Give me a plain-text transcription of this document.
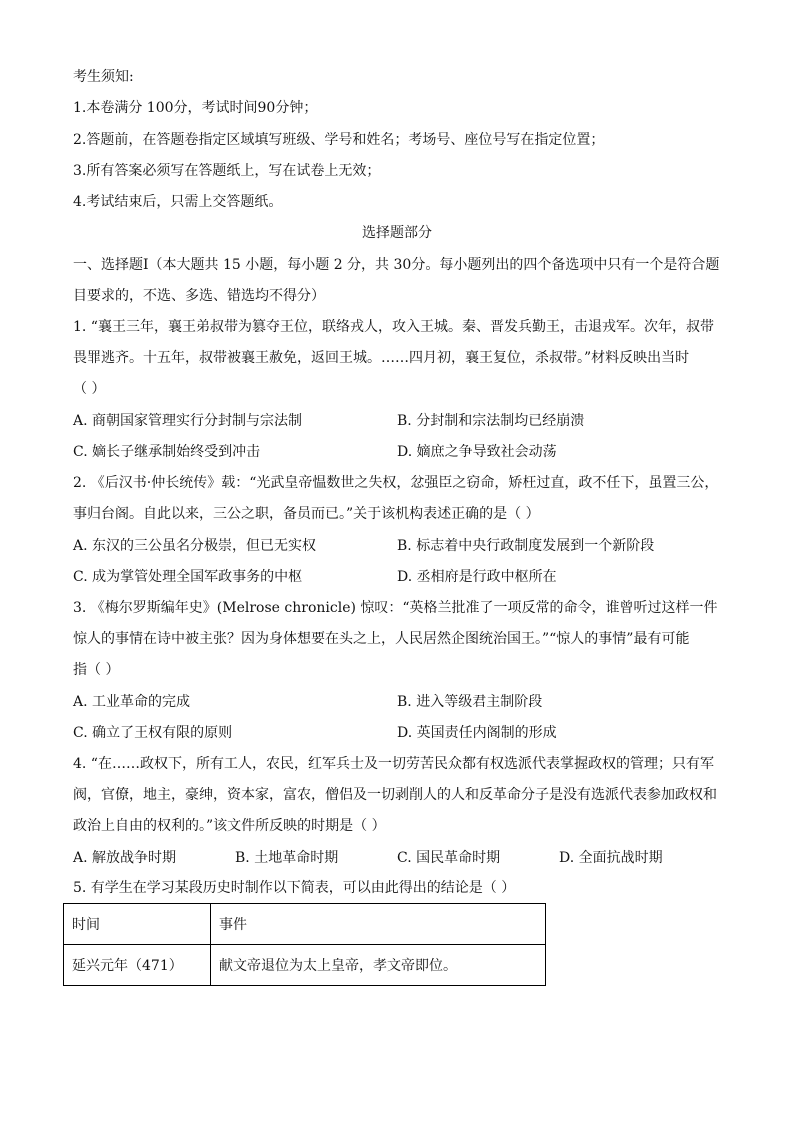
考生须知:
1.本卷满分 100分，考试时间90分钟；
2.答题前，在答题卷指定区域填写班级、学号和姓名；考场号、座位号写在指定位置；
3.所有答案必须写在答题纸上，写在试卷上无效；
4.考试结束后，只需上交答题纸。
选择题部分
一、选择题Ⅰ（本大题共 15 小题，每小题 2 分，共 30分。每小题列出的四个备选项中只有一个是符合题
目要求的，不选、多选、错选均不得分）
1. “襄王三年，襄王弟叔带为篡夺王位，联络戎人，攻入王城。秦、晋发兵勤王，击退戎军。次年，叔带
畏罪逃齐。十五年，叔带被襄王赦免，返回王城。……四月初，襄王复位，杀叔带。”材料反映出当时
（ ）
A. 商朝国家管理实行分封制与宗法制	B. 分封制和宗法制均已经崩溃
C. 嫡长子继承制始终受到冲击	D. 嫡庶之争导致社会动荡
2. 《后汉书·仲长统传》载：“光武皇帝愠数世之失权，忿强臣之窃命，矫枉过直，政不任下，虽置三公，
事归台阁。自此以来，三公之职，备员而已。”关于该机构表述正确的是（ ）
A. 东汉的三公虽名分极崇，但已无实权	B. 标志着中央行政制度发展到一个新阶段
C. 成为掌管处理全国军政事务的中枢	D. 丞相府是行政中枢所在
3. 《梅尔罗斯编年史》(Melrose chronicle) 惊叹：“英格兰批准了一项反常的命令，谁曾听过这样一件
惊人的事情在诗中被主张？因为身体想要在头之上，人民居然企图统治国王。”“惊人的事情”最有可能
指（ ）
A. 工业革命的完成	B. 进入等级君主制阶段
C. 确立了王权有限的原则	D. 英国责任内阁制的形成
4. “在……政权下，所有工人，农民，红军兵士及一切劳苦民众都有权选派代表掌握政权的管理；只有军
阀，官僚，地主，豪绅，资本家，富农，僧侣及一切剥削人的人和反革命分子是没有选派代表参加政权和
政治上自由的权利的。”该文件所反映的时期是（ ）
A. 解放战争时期	B. 土地革命时期	C. 国民革命时期	D. 全面抗战时期
5. 有学生在学习某段历史时制作以下简表，可以由此得出的结论是（ ）
时间	事件
延兴元年（471）	献文帝退位为太上皇帝，孝文帝即位。
